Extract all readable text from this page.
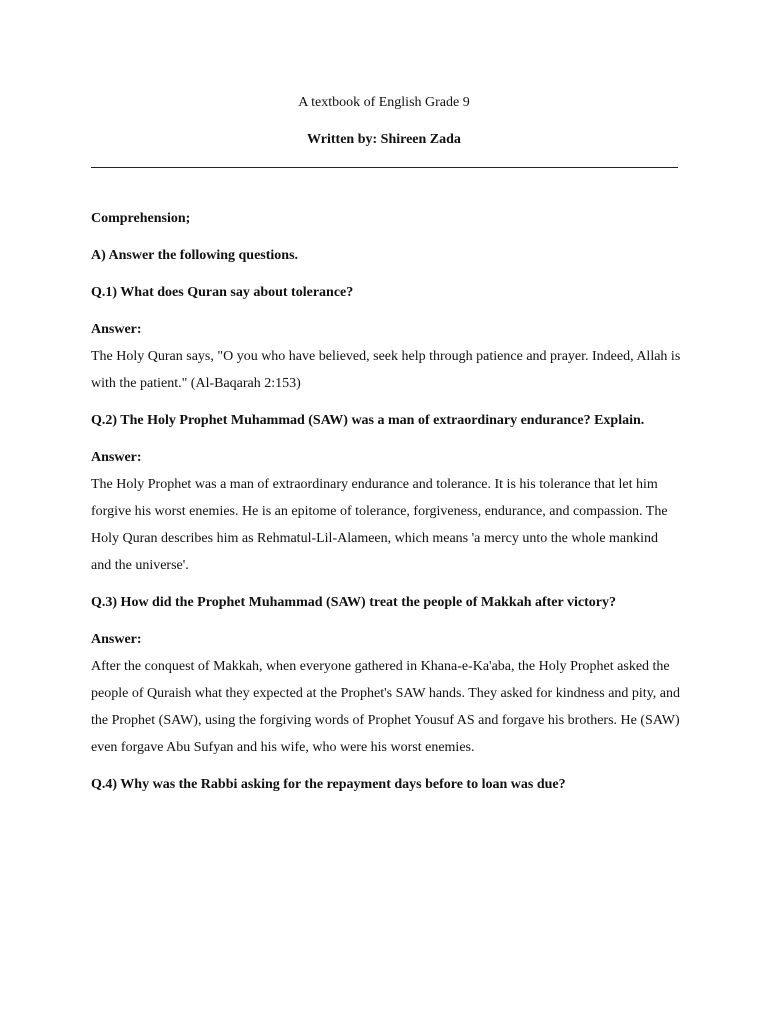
A textbook of English Grade 9

Written by: Shireen Zada

Comprehension;

A) Answer the following questions.

Q.1) What does Quran say about tolerance?

Answer:

The Holy Quran says, "O you who have believed, seek help through patience and prayer. Indeed, Allah is with the patient." (Al-Baqarah 2:153)

Q.2) The Holy Prophet Muhammad (SAW) was a man of extraordinary endurance? Explain.

Answer:

The Holy Prophet was a man of extraordinary endurance and tolerance. It is his tolerance that let him forgive his worst enemies. He is an epitome of tolerance, forgiveness, endurance, and compassion. The Holy Quran describes him as Rehmatul-Lil-Alameen, which means 'a mercy unto the whole mankind and the universe'.

Q.3) How did the Prophet Muhammad (SAW) treat the people of Makkah after victory?

Answer:

After the conquest of Makkah, when everyone gathered in Khana-e-Ka'aba, the Holy Prophet asked the people of Quraish what they expected at the Prophet's SAW hands. They asked for kindness and pity, and the Prophet (SAW), using the forgiving words of Prophet Yousuf AS and forgave his brothers. He (SAW) even forgave Abu Sufyan and his wife, who were his worst enemies.

Q.4) Why was the Rabbi asking for the repayment days before to loan was due?
